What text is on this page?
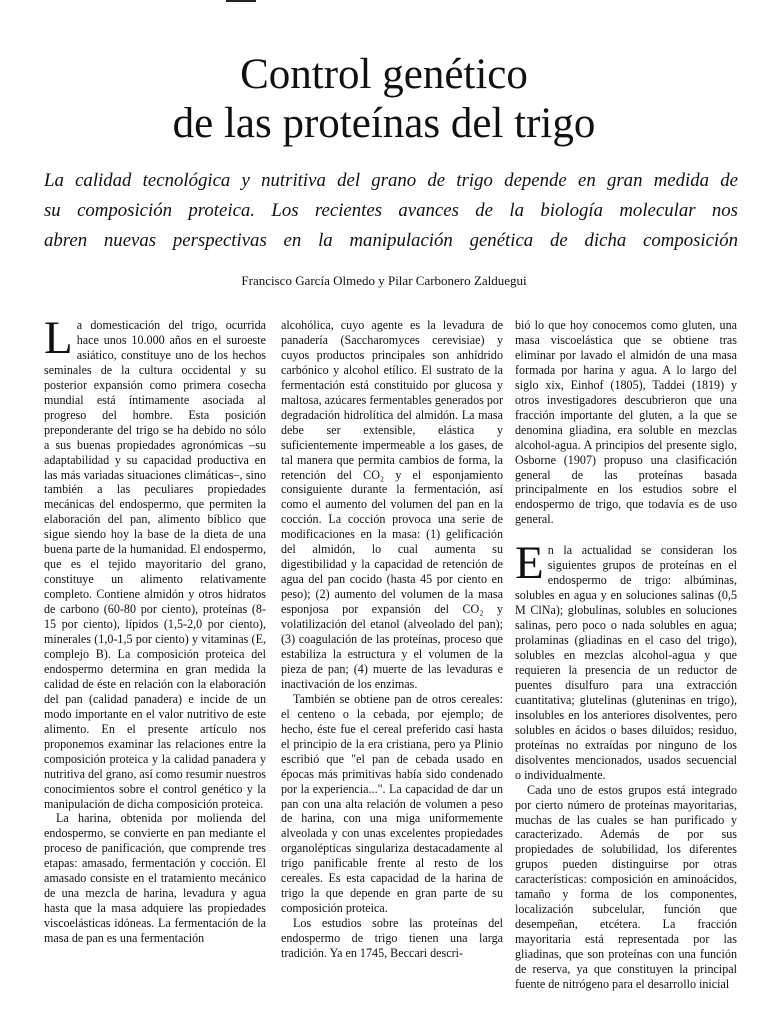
Control genético
de las proteínas del trigo
La calidad tecnológica y nutritiva del grano de trigo depende en gran medida de
su composición proteica. Los recientes avances de la biología molecular nos
abren nuevas perspectivas en la manipulación genética de dicha composición
Francisco García Olmedo y Pilar Carbonero Zalduegui

La domesticación del trigo, ocurrida hace unos 10.000 años en el suroeste asiático, constituye uno de los hechos seminales de la cultura occidental y su posterior expansión como primera cosecha mundial está íntimamente asociada al progreso del hombre. Esta posición preponderante del trigo se ha debido no sólo a sus buenas propiedades agronómicas –su adaptabilidad y su capacidad productiva en las más variadas situaciones climáticas–, sino también a las peculiares propiedades mecánicas del endospermo, que permiten la elaboración del pan, alimento bíblico que sigue siendo hoy la base de la dieta de una buena parte de la humanidad. El endospermo, que es el tejido mayoritario del grano, constituye un alimento relativamente completo. Contiene almidón y otros hidratos de carbono (60-80 por ciento), proteínas (8-15 por ciento), lípidos (1,5-2,0 por ciento), minerales (1,0-1,5 por ciento) y vitaminas (E, complejo B). La composición proteica del endospermo determina en gran medida la calidad de éste en relación con la elaboración del pan (calidad panadera) e incide de un modo importante en el valor nutritivo de este alimento. En el presente artículo nos proponemos examinar las relaciones entre la composición proteica y la calidad panadera y nutritiva del grano, así como resumir nuestros conocimientos sobre el control genético y la manipulación de dicha composición proteica.

La harina, obtenida por molienda del endospermo, se convierte en pan mediante el proceso de panificación, que comprende tres etapas: amasado, fermentación y cocción. El amasado consiste en el tratamiento mecánico de una mezcla de harina, levadura y agua hasta que la masa adquiere las propiedades viscoelásticas idóneas. La fermentación de la masa de pan es una fermentación

alcohólica, cuyo agente es la levadura de panadería (Saccharomyces cerevisiae) y cuyos productos principales son anhídrido carbónico y alcohol etílico. El sustrato de la fermentación está constituido por glucosa y maltosa, azúcares fermentables generados por degradación hidrolítica del almidón. La masa debe ser extensible, elástica y suficientemente impermeable a los gases, de tal manera que permita cambios de forma, la retención del CO₂ y el esponjamiento consiguiente durante la fermentación, así como el aumento del volumen del pan en la cocción. La cocción provoca una serie de modificaciones en la masa: (1) gelificación del almidón, lo cual aumenta su digestibilidad y la capacidad de retención de agua del pan cocido (hasta 45 por ciento en peso); (2) aumento del volumen de la masa esponjosa por expansión del CO₂ y volatilización del etanol (alveolado del pan); (3) coagulación de las proteínas, proceso que estabiliza la estructura y el volumen de la pieza de pan; (4) muerte de las levaduras e inactivación de los enzimas.

También se obtiene pan de otros cereales: el centeno o la cebada, por ejemplo; de hecho, éste fue el cereal preferido casi hasta el principio de la era cristiana, pero ya Plinio escribió que "el pan de cebada usado en épocas más primitivas había sido condenado por la experiencia...". La capacidad de dar un pan con una alta relación de volumen a peso de harina, con una miga uniformemente alveolada y con unas excelentes propiedades organolépticas singulariza destacadamente al trigo panificable frente al resto de los cereales. Es esta capacidad de la harina de trigo la que depende en gran parte de su composición proteica.

Los estudios sobre las proteínas del endospermo de trigo tienen una larga tradición. Ya en 1745, Beccari descri-

bió lo que hoy conocemos como gluten, una masa viscoelástica que se obtiene tras eliminar por lavado el almidón de una masa formada por harina y agua. A lo largo del siglo xix, Einhof (1805), Taddei (1819) y otros investigadores descubrieron que una fracción importante del gluten, a la que se denomina gliadina, era soluble en mezclas alcohol-agua. A principios del presente siglo, Osborne (1907) propuso una clasificación general de las proteínas basada principalmente en los estudios sobre el endospermo de trigo, que todavía es de uso general.

En la actualidad se consideran los siguientes grupos de proteínas en el endospermo de trigo: albúminas, solubles en agua y en soluciones salinas (0,5 M ClNa); globulinas, solubles en soluciones salinas, pero poco o nada solubles en agua; prolaminas (gliadinas en el caso del trigo), solubles en mezclas alcohol-agua y que requieren la presencia de un reductor de puentes disulfuro para una extracción cuantitativa; glutelinas (gluteninas en trigo), insolubles en los anteriores disolventes, pero solubles en ácidos o bases diluidos; residuo, proteínas no extraídas por ninguno de los disolventes mencionados, usados secuencial o individualmente.

Cada uno de estos grupos está integrado por cierto número de proteínas mayoritarias, muchas de las cuales se han purificado y caracterizado. Además de por sus propiedades de solubilidad, los diferentes grupos pueden distinguirse por otras características: composición en aminoácidos, tamaño y forma de los componentes, localización subcelular, función que desempeñan, etcétera. La fracción mayoritaria está representada por las gliadinas, que son proteínas con una función de reserva, ya que constituyen la principal fuente de nitrógeno para el desarrollo inicial
